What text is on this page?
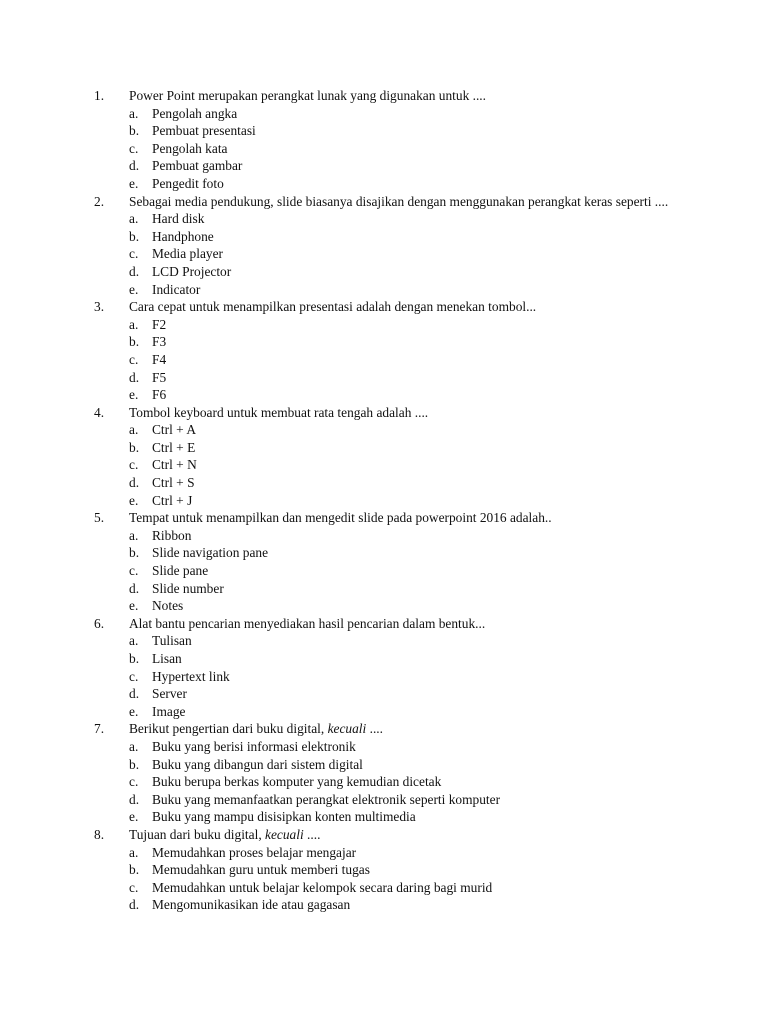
1.	Power Point merupakan perangkat lunak yang digunakan untuk ....
a.	Pengolah angka
b. Pembuat presentasi
c.	Pengolah kata
d. Pembuat gambar
e.	Pengedit foto
2.	Sebagai media pendukung, slide biasanya disajikan dengan menggunakan perangkat keras seperti ....
a.	Hard disk
b. Handphone
c.	Media player
d. LCD Projector
e.	Indicator
3.	Cara cepat untuk menampilkan presentasi adalah dengan menekan tombol...
a.	F2
b. F3
c.	F4
d. F5
e.	F6
4.	Tombol keyboard untuk membuat rata tengah adalah ....
a.	Ctrl + A
b. Ctrl + E
c.	Ctrl + N
d. Ctrl + S
e.	Ctrl + J
5.	Tempat untuk menampilkan dan mengedit slide pada powerpoint 2016 adalah..
a.	Ribbon
b. Slide navigation pane
c.	Slide pane
d. Slide number
e.	Notes
6.	Alat bantu pencarian menyediakan hasil pencarian dalam bentuk...
a.	Tulisan
b. Lisan
c.	Hypertext link
d. Server
e.	Image
7.	Berikut pengertian dari buku digital, kecuali ....
a.	Buku yang berisi informasi elektronik
b. Buku yang dibangun dari sistem digital
c.	Buku berupa berkas komputer yang kemudian dicetak
d. Buku yang memanfaatkan perangkat elektronik seperti komputer
e.	Buku yang mampu disisipkan konten multimedia
8.	Tujuan dari buku digital, kecuali ....
a.	Memudahkan proses belajar mengajar
b. Memudahkan guru untuk memberi tugas
c.	Memudahkan untuk belajar kelompok secara daring bagi murid
d. Mengomunikasikan ide atau gagasan
